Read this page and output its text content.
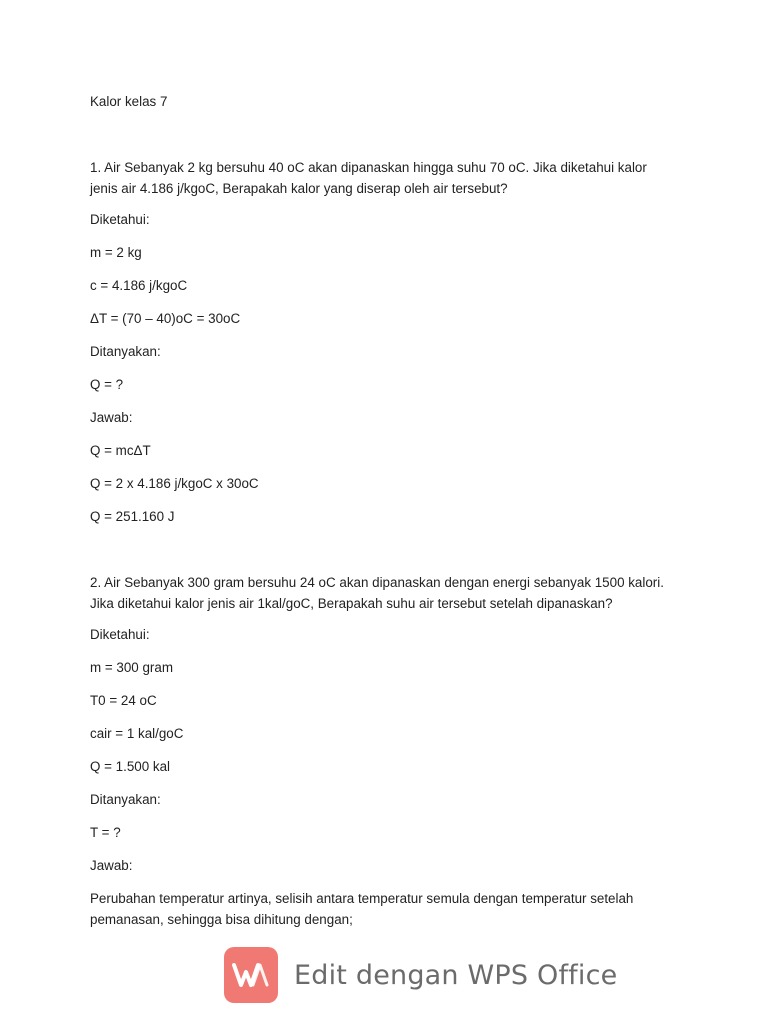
Kalor kelas 7
1. Air Sebanyak 2 kg bersuhu 40 oC akan dipanaskan hingga suhu 70 oC. Jika diketahui kalor
jenis air 4.186 j/kgoC, Berapakah kalor yang diserap oleh air tersebut?
Diketahui:
m = 2 kg
c = 4.186 j/kgoC
ΔT = (70 – 40)oC = 30oC
Ditanyakan:
Q = ?
Jawab:
Q = mcΔT
Q = 2 x 4.186 j/kgoC x 30oC
Q = 251.160 J
2. Air Sebanyak 300 gram bersuhu 24 oC akan dipanaskan dengan energi sebanyak 1500 kalori.
Jika diketahui kalor jenis air 1kal/goC, Berapakah suhu air tersebut setelah dipanaskan?
Diketahui:
m = 300 gram
T0 = 24 oC
cair = 1 kal/goC
Q = 1.500 kal
Ditanyakan:
T = ?
Jawab:
Perubahan temperatur artinya, selisih antara temperatur semula dengan temperatur setelah
pemanasan, sehingga bisa dihitung dengan;
Edit dengan WPS Office
